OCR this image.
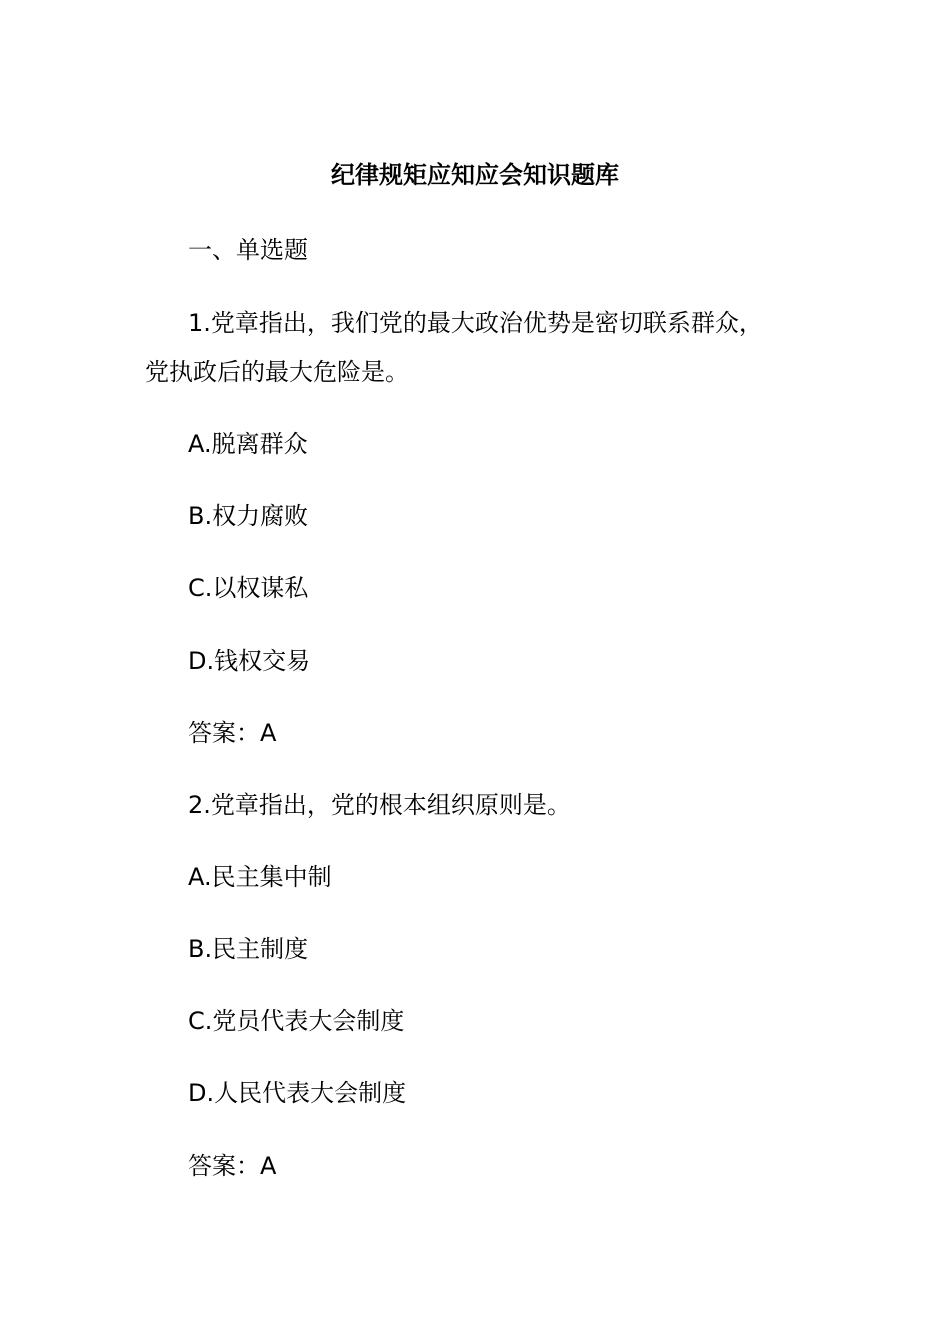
纪律规矩应知应会知识题库
一、单选题
1.党章指出，我们党的最大政治优势是密切联系群众，
党执政后的最大危险是。
A.脱离群众
B.权力腐败
C.以权谋私
D.钱权交易
答案：A
2.党章指出，党的根本组织原则是。
A.民主集中制
B.民主制度
C.党员代表大会制度
D.人民代表大会制度
答案：A
